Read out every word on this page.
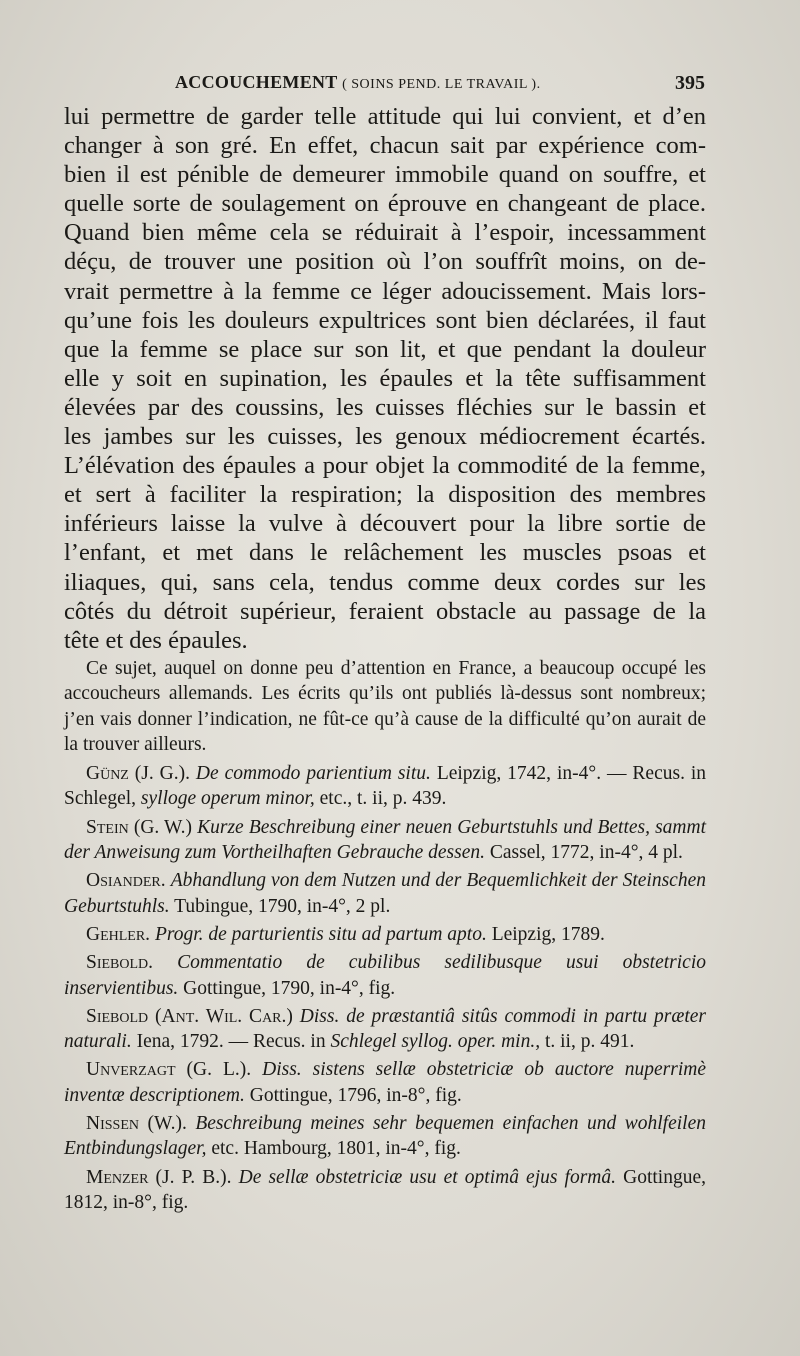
ACCOUCHEMENT ( SOINS PEND. LE TRAVAIL ).	395
lui permettre de garder telle attitude qui lui convient, et d’en
changer à son gré. En effet, chacun sait par expérience com-
bien il est pénible de demeurer immobile quand on souffre, et
quelle sorte de soulagement on éprouve en changeant de place.
Quand bien même cela se réduirait à l’espoir, incessamment
déçu, de trouver une position où l’on souffrît moins, on de-
vrait permettre à la femme ce léger adoucissement. Mais lors-
qu’une fois les douleurs expultrices sont bien déclarées, il faut
que la femme se place sur son lit, et que pendant la douleur
elle y soit en supination, les épaules et la tête suffisamment
élevées par des coussins, les cuisses fléchies sur le bassin et
les jambes sur les cuisses, les genoux médiocrement écartés.
L’élévation des épaules a pour objet la commodité de la femme,
et sert à faciliter la respiration; la disposition des membres
inférieurs laisse la vulve à découvert pour la libre sortie de
l’enfant, et met dans le relâchement les muscles psoas et
iliaques, qui, sans cela, tendus comme deux cordes sur les
côtés du détroit supérieur, feraient obstacle au passage de la
tête et des épaules.

Ce sujet, auquel on donne peu d’attention en France, a beaucoup occupé les accoucheurs allemands. Les écrits qu’ils ont publiés là-dessus sont nombreux; j’en vais donner l’indication, ne fût-ce qu’à cause de la difficulté qu’on aurait de la trouver ailleurs.

Günz (J. G.). De commodo parientium situ. Leipzig, 1742, in-4°. — Recus. in Schlegel, sylloge operum minor, etc., t. ii, p. 439.

Stein (G. W.) Kurze Beschreibung einer neuen Geburtstuhls und Bettes, sammt der Anweisung zum Vortheilhaften Gebrauche dessen. Cassel, 1772, in-4°, 4 pl.

Osiander. Abhandlung von dem Nutzen und der Bequemlichkeit der Steinschen Geburtstuhls. Tubingue, 1790, in-4°, 2 pl.

Gehler. Progr. de parturientis situ ad partum apto. Leipzig, 1789.

Siebold. Commentatio de cubilibus sedilibusque usui obstetricio inservientibus. Gottingue, 1790, in-4°, fig.

Siebold (Ant. Wil. Car.) Diss. de præstantiâ sitûs commodi in partu præter naturali. Iena, 1792. — Recus. in Schlegel syllog. oper. min., t. ii, p. 491.

Unverzagt (G. L.). Diss. sistens sellæ obstetriciæ ob auctore nuperrimè inventæ descriptionem. Gottingue, 1796, in-8°, fig.

Nissen (W.). Beschreibung meines sehr bequemen einfachen und wohlfeilen Entbindungslager, etc. Hambourg, 1801, in-4°, fig.

Menzer (J. P. B.). De sellæ obstetriciæ usu et optimâ ejus formâ. Gottingue, 1812, in-8°, fig.
